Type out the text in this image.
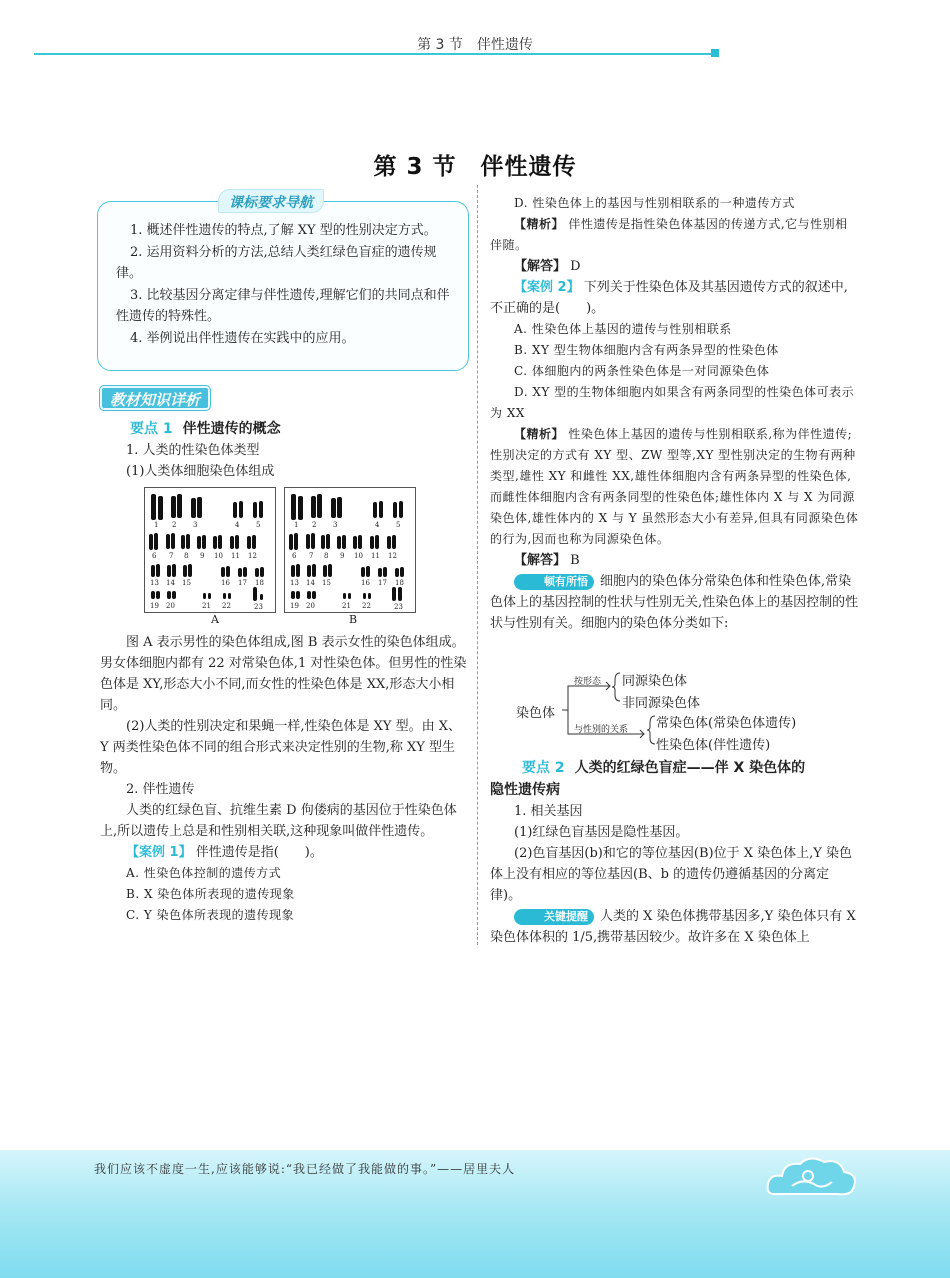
第 3 节　伴性遗传
第 3 节　伴性遗传
课标要求导航

1. 概述伴性遗传的特点,了解 XY 型的性别决定方式。

2. 运用资料分析的方法,总结人类红绿色盲症的遗传规律。

3. 比较基因分离定律与伴性遗传,理解它们的共同点和伴性遗传的特殊性。

4. 举例说出伴性遗传在实践中的应用。

教材知识详析
要点 1 伴性遗传的概念
1. 人类的性染色体类型
(1)人类体细胞染色体组成
2 3
1	4 5
6 7 8 9 10 11 12
13 14 15	16 17 18
19 20	21 22	23
1 2 3	4 5
6 7 8 9 10 11 12
13 14 15	16 17 18
19 20	21 22	23
A	B

图 A 表示男性的染色体组成,图 B 表示女性的染色体组成。男女体细胞内都有 22 对常染色体,1 对性染色体。但男性的性染色体是 XY,形态大小不同,而女性的性染色体是 XX,形态大小相同。

(2)人类的性别决定和果蝇一样,性染色体是 XY 型。由 X、Y 两类性染色体不同的组合形式来决定性别的生物,称 XY 型生物。

2. 伴性遗传

人类的红绿色盲、抗维生素 D 佝偻病的基因位于性染色体上,所以遗传上总是和性别相关联,这种现象叫做伴性遗传。

【案例 1】 伴性遗传是指(　　)。

A. 性染色体控制的遗传方式

B. X 染色体所表现的遗传现象

C. Y 染色体所表现的遗传现象

D. 性染色体上的基因与性别相联系的一种遗传方式

【精析】 伴性遗传是指性染色体基因的传递方式,它与性别相伴随。

【解答】 D

【案例 2】 下列关于性染色体及其基因遗传方式的叙述中,不正确的是(　　)。

A. 性染色体上基因的遗传与性别相联系

B. XY 型生物体细胞内含有两条异型的性染色体

C. 体细胞内的两条性染色体是一对同源染色体

D. XY 型的生物体细胞内如果含有两条同型的性染色体可表示为 XX

【精析】 性染色体上基因的遗传与性别相联系,称为伴性遗传;性别决定的方式有 XY 型、ZW 型等,XY 型性别决定的生物有两种类型,雄性 XY 和雌性 XX,雄性体细胞内含有两条异型的性染色体,而雌性体细胞内含有两条同型的性染色体;雄性体内 X 与 X 为同源染色体,雄性体内的 X 与 Y 虽然形态大小有差异,但具有同源染色体的行为,因而也称为同源染色体。

【解答】 B

顿有所悟 细胞内的染色体分常染色体和性染色体,常染色体上的基因控制的性状与性别无关,性染色体上的基因控制的性状与性别有关。细胞内的染色体分类如下:

染色体
按形态 同源染色体
非同源染色体
与性别的关系 常染色体(常染色体遗传)
性染色体(伴性遗传)
要点 2 人类的红绿色盲症——伴 X 染色体的
隐性遗传病

1. 相关基因

(1)红绿色盲基因是隐性基因。

(2)色盲基因(b)和它的等位基因(B)位于 X 染色体上,Y 染色体上没有相应的等位基因(B、b 的遗传仍遵循基因的分离定律)。

关键提醒 人类的 X 染色体携带基因多,Y 染色体只有 X 染色体体积的 1/5,携带基因较少。故许多在 X 染色体上

我们应该不虚度一生,应该能够说:“我已经做了我能做的事。”——居里夫人
